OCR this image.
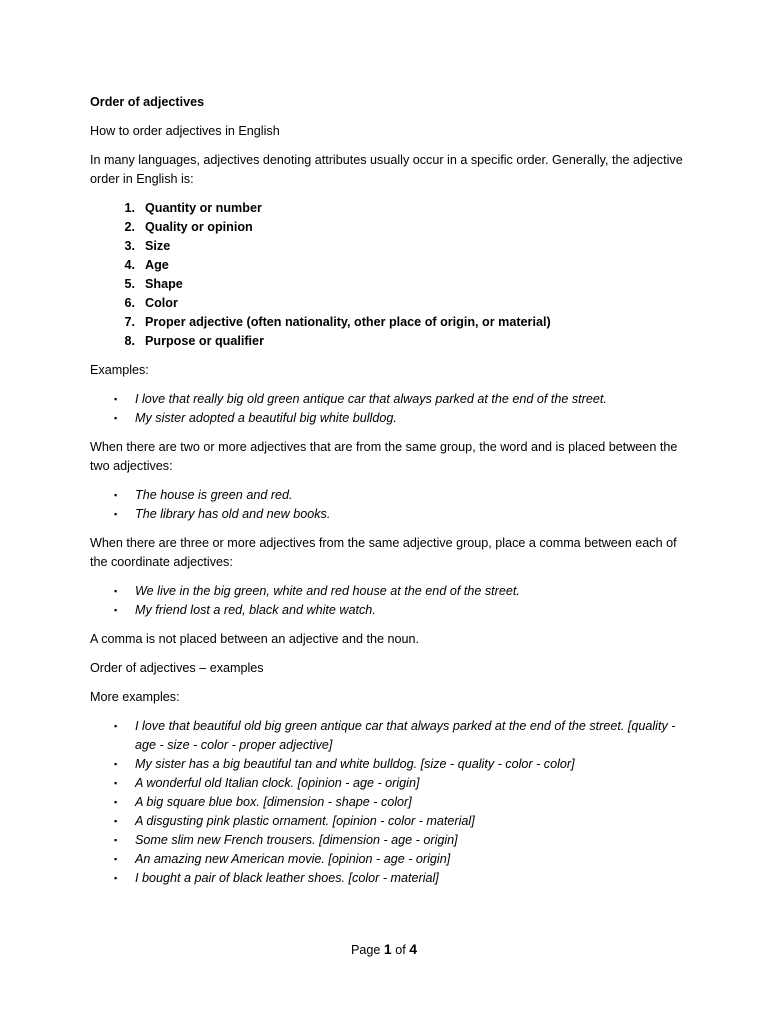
Order of adjectives

How to order adjectives in English

In many languages, adjectives denoting attributes usually occur in a specific order. Generally, the adjective order in English is:

1. Quantity or number
2. Quality or opinion
3. Size
4. Age
5. Shape
6. Color
7. Proper adjective (often nationality, other place of origin, or material)
8. Purpose or qualifier

Examples:

▪ I love that really big old green antique car that always parked at the end of the street.
▪ My sister adopted a beautiful big white bulldog.

When there are two or more adjectives that are from the same group, the word and is placed between the two adjectives:

▪ The house is green and red.
▪ The library has old and new books.

When there are three or more adjectives from the same adjective group, place a comma between each of the coordinate adjectives:

▪ We live in the big green, white and red house at the end of the street.
▪ My friend lost a red, black and white watch.

A comma is not placed between an adjective and the noun.

Order of adjectives – examples

More examples:

▪ I love that beautiful old big green antique car that always parked at the end of the street. [quality - age - size - color - proper adjective]
▪ My sister has a big beautiful tan and white bulldog. [size - quality - color - color]
▪ A wonderful old Italian clock. [opinion - age - origin]
▪ A big square blue box. [dimension - shape - color]
▪ A disgusting pink plastic ornament. [opinion - color - material]
▪ Some slim new French trousers. [dimension - age - origin]
▪ An amazing new American movie. [opinion - age - origin]
▪ I bought a pair of black leather shoes. [color - material]
Page 1 of 4
